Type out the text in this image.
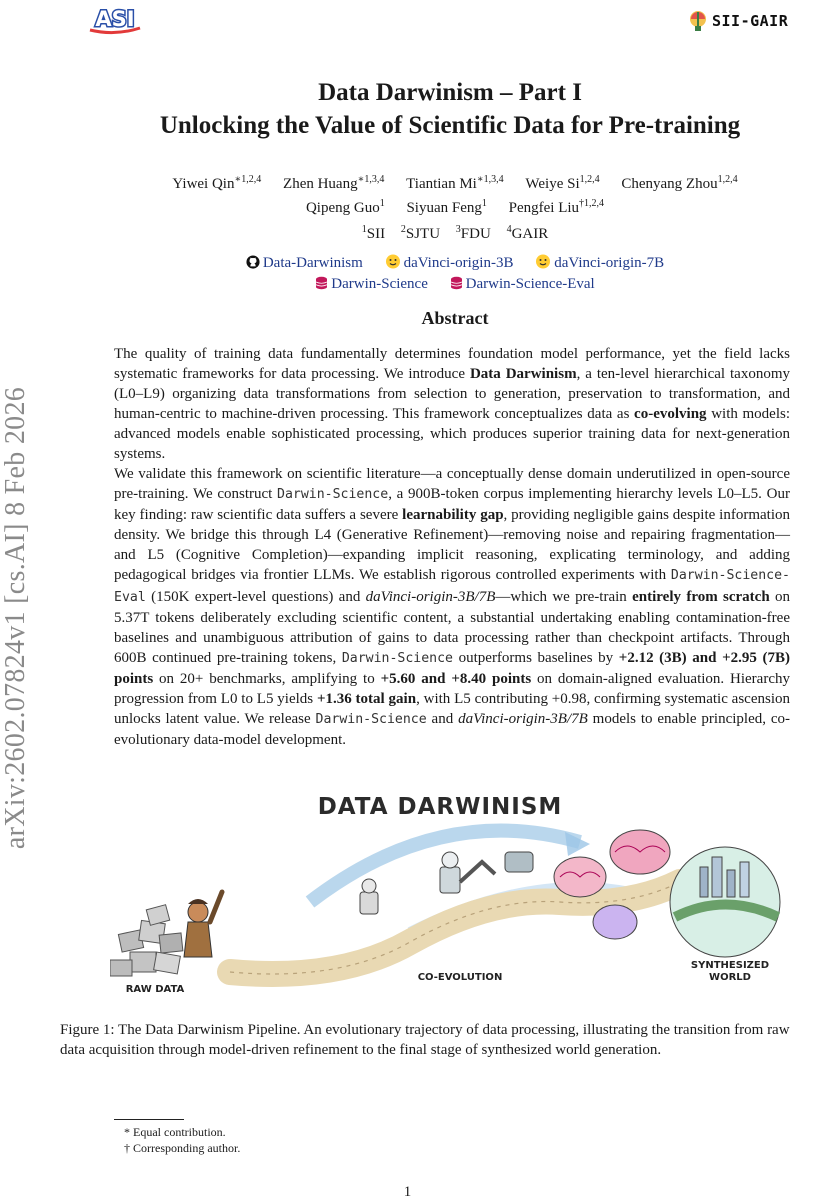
ASI	SII-GAIR
arXiv:2602.07824v1 [cs.AI] 8 Feb 2026
Data Darwinism – Part I
Unlocking the Value of Scientific Data for Pre-training
Yiwei Qin$^{∗1,2,4}$ Zhen Huang$^{∗1,3,4}$ Tiantian $Mi^{∗1,3,4}$ Weiye Si$^{1,2,4}$ Chenyang Zhou$^{1,2,4}$
Qipeng Guo$^1$ Siyuan Feng$^1$ Pengfei Liu$^{\dagger 1,2,4}$
$^1$SII $^2$SJTU $^3$FDU $^4$GAIR
Data-Darwinism	daVinci-origin-3B	daVinci-origin-7B
Darwin-Science	Darwin-Science-Eval
Abstract
The quality of training data fundamentally determines foundation model performance, yet the field lacks systematic frameworks for data processing. We introduce Data Darwinism, a ten-level hierarchical taxonomy (L0–L9) organizing data transformations from selection to generation, preservation to transformation, and human-centric to machine-driven processing. This framework conceptualizes data as co-evolving with models: advanced models enable sophisticated processing, which produces superior training data for next-generation systems.
We validate this framework on scientific literature—a conceptually dense domain underutilized in open-source pre-training. We construct Darwin-Science, a 900B-token corpus implementing hierarchy levels L0–L5. Our key finding: raw scientific data suffers a severe learnability gap, providing negligible gains despite information density. We bridge this through L4 (Generative Refinement)—removing noise and repairing fragmentation—and L5 (Cognitive Completion)—expanding implicit reasoning, explicating terminology, and adding pedagogical bridges via frontier LLMs. We establish rigorous controlled experiments with Darwin-Science-Eval (150K expert-level questions) and daVinci-origin-3B/7B—which we pre-train entirely from scratch on 5.37T tokens deliberately excluding scientific content, a substantial undertaking enabling contamination-free baselines and unambiguous attribution of gains to data processing rather than checkpoint artifacts. Through 600B continued pre-training tokens, Darwin-Science outperforms baselines by +2.12 (3B) and +2.95 (7B) points on 20+ benchmarks, amplifying to +5.60 and +8.40 points on domain-aligned evaluation. Hierarchy progression from L0 to L5 yields +1.36 total gain, with L5 contributing +0.98, confirming systematic ascension unlocks latent value. We release Darwin-Science and daVinci-origin-3B/7B models to enable principled, co-evolutionary data-model development.
DATA DARWINISM
RAW DATA
CO-EVOLUTION
SYNTHESIZED
WORLD
Figure 1: The Data Darwinism Pipeline. An evolutionary trajectory of data processing, illustrating the transition from raw data acquisition through model-driven refinement to the final stage of synthesized world generation.
* Equal contribution.
† Corresponding author.
1
